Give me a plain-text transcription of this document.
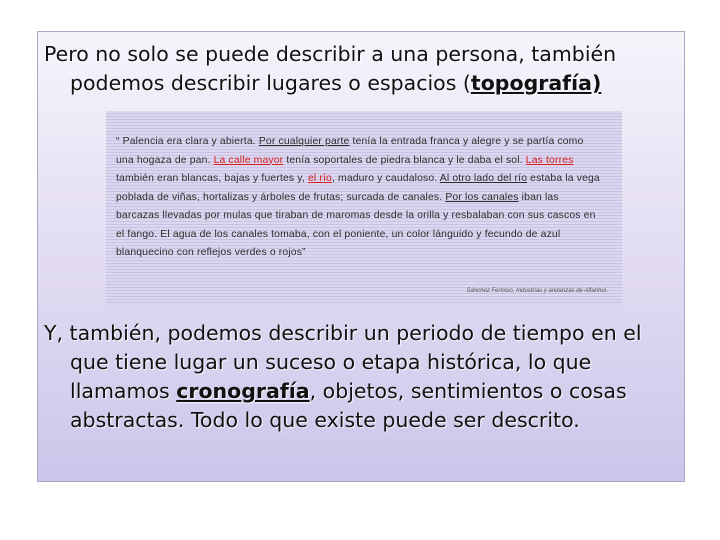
Pero no solo se puede describir a una persona, también podemos describir lugares o espacios (topografía)

“ Palencia era clara y abierta. Por cualquier parte tenía la entrada franca y alegre y se partía como una hogaza de pan. La calle mayor tenía soportales de piedra blanca y le daba el sol. Las torres también eran blancas, bajas y fuertes y, el río, maduro y caudaloso. Al otro lado del río estaba la vega poblada de viñas, hortalizas y árboles de frutas; surcada de canales. Por los canales iban las barcazas llevadas por mulas que tiraban de maromas desde la orilla y resbalaban con sus cascos en el fango. El agua de los canales tomaba, con el poniente, un color lánguido y fecundo de azul blanquecino con reflejos verdes o rojos”

Sánchez Ferlosio, Industrias y andanzas de Alfanhuí.

Y, también, podemos describir un periodo de tiempo en el que tiene lugar un suceso o etapa histórica, lo que llamamos cronografía, objetos, sentimientos o cosas abstractas. Todo lo que existe puede ser descrito.
